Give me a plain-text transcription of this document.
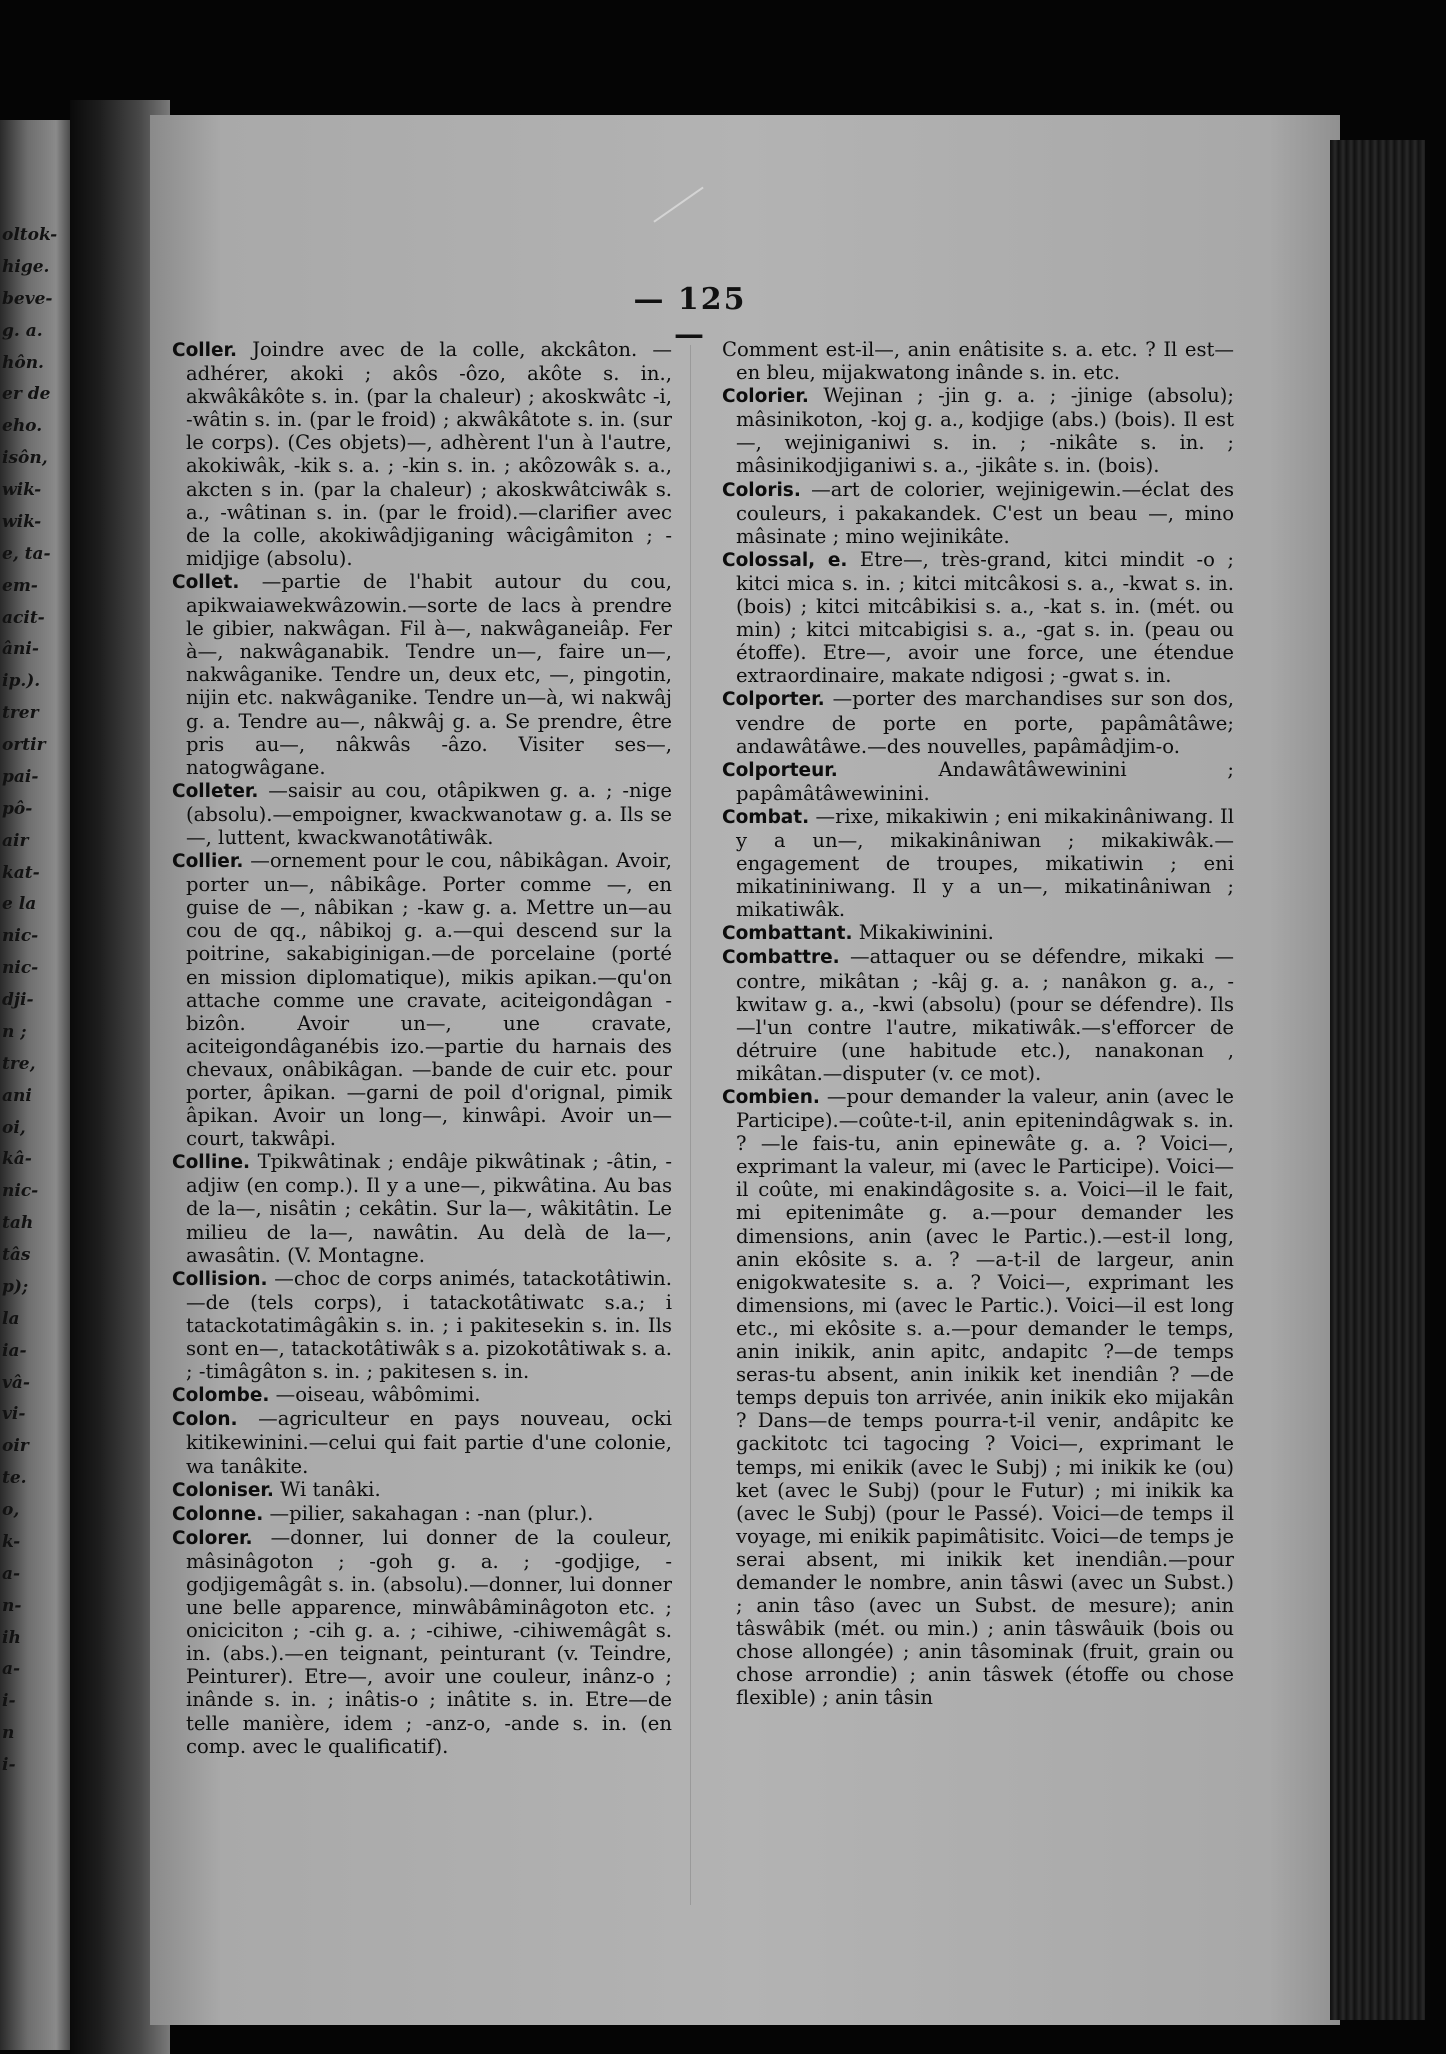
oltok-
hige.
beve-
g. a.
hôn.
er de
eho.
isôn,
wik-
wik-
e, ta-
em-
acit-
âni-
ip.).
trer
ortir
pai-
pô-
air
kat-
e la
nic-
nic-
dji-
n ;
tre,
ani
oi,
kâ-
nic-
tah
tâs
p);
la
ia-
vâ-
vi-
oir
te.
o,
k-
a-
n-
ih
a-
i-
n
i-
— 125 —

Coller. Joindre avec de la colle, akckâton. —adhérer, akoki ; akôs -ôzo, akôte s. in., akwâkâkôte s. in. (par la chaleur) ; akoskwâtc -i, -wâtin s. in. (par le froid) ; akwâkâtote s. in. (sur le corps). (Ces objets)—, adhèrent l'un à l'autre, akokiwâk, -kik s. a. ; -kin s. in. ; akôzowâk s. a., akcten s in. (par la chaleur) ; akoskwâtciwâk s. a., -wâtinan s. in. (par le froid).—clarifier avec de la colle, akokiwâdjiganing wâcigâmiton ; -midjige (absolu).

Collet. —partie de l'habit autour du cou, apikwaiawekwâzowin.—sorte de lacs à prendre le gibier, nakwâgan. Fil à—, nakwâganeiâp. Fer à—, nakwâganabik. Tendre un—, faire un—, nakwâganike. Tendre un, deux etc, —, pingotin, nijin etc. nakwâganike. Tendre un—à, wi nakwâj g. a. Tendre au—, nâkwâj g. a. Se prendre, être pris au—, nâkwâs -âzo. Visiter ses—, natogwâgane.

Colleter. —saisir au cou, otâpikwen g. a. ; -nige (absolu).—empoigner, kwackwanotaw g. a. Ils se—, luttent, kwackwanotâtiwâk.

Collier. —ornement pour le cou, nâbikâgan. Avoir, porter un—, nâbikâge. Porter comme —, en guise de —, nâbikan ; -kaw g. a. Mettre un—au cou de qq., nâbikoj g. a.—qui descend sur la poitrine, sakabiginigan.—de porcelaine (porté en mission diplomatique), mikis apikan.—qu'on attache comme une cravate, aciteigondâgan -bizôn. Avoir un—, une cravate, aciteigondâganébis izo.—partie du harnais des chevaux, onâbikâgan. —bande de cuir etc. pour porter, âpikan. —garni de poil d'orignal, pimik âpikan. Avoir un long—, kinwâpi. Avoir un—court, takwâpi.

Colline. Tpikwâtinak ; endâje pikwâtinak ; -âtin, -adjiw (en comp.). Il y a une—, pikwâtina. Au bas de la—, nisâtin ; cekâtin. Sur la—, wâkitâtin. Le milieu de la—, nawâtin. Au delà de la—, awasâtin. (V. Montagne.

Collision. —choc de corps animés, tatackotâtiwin.—de (tels corps), i tatackotâtiwatc s.a.; i tatackotatimâgâkin s. in. ; i pakitesekin s. in. Ils sont en—, tatackotâtiwâk s a. pizokotâtiwak s. a. ; -timâgâton s. in. ; pakitesen s. in.

Colombe. —oiseau, wâbômimi.

Colon. —agriculteur en pays nouveau, ocki kitikewinini.—celui qui fait partie d'une colonie, wa tanâkite.

Coloniser. Wi tanâki.

Colonne. —pilier, sakahagan : -nan (plur.).

Colorer. —donner, lui donner de la couleur, mâsinâgoton ; -goh g. a. ; -godjige, -godjigemâgât s. in. (absolu).—donner, lui donner une belle apparence, minwâbâminâgoton etc. ; oniciciton ; -cih g. a. ; -cihiwe, -cihiwemâgât s. in. (abs.).—en teignant, peinturant (v. Teindre, Peinturer). Etre—, avoir une couleur, inânz-o ; inânde s. in. ; inâtis-o ; inâtite s. in. Etre—de telle manière, idem ; -anz-o, -ande s. in. (en comp. avec le qualificatif).

Comment est-il—, anin enâtisite s. a. etc. ? Il est—en bleu, mijakwatong inânde s. in. etc.

Colorier. Wejinan ; -jin g. a. ; -jinige (absolu); mâsinikoton, -koj g. a., kodjige (abs.) (bois). Il est—, wejiniganiwi s. in. ; -nikâte s. in. ; mâsinikodjiganiwi s. a., -jikâte s. in. (bois).

Coloris. —art de colorier, wejinigewin.—éclat des couleurs, i pakakandek. C'est un beau —, mino mâsinate ; mino wejinikâte.

Colossal, e. Etre—, très-grand, kitci mindit -o ; kitci mica s. in. ; kitci mitcâkosi s. a., -kwat s. in. (bois) ; kitci mitcâbikisi s. a., -kat s. in. (mét. ou min) ; kitci mitcabigisi s. a., -gat s. in. (peau ou étoffe). Etre—, avoir une force, une étendue extraordinaire, makate ndigosi ; -gwat s. in.

Colporter. —porter des marchandises sur son dos, vendre de porte en porte, papâmâtâwe; andawâtâwe.—des nouvelles, papâmâdjim-o.

Colporteur.	Andawâtâwewinini ; papâmâtâwewinini.

Combat. —rixe, mikakiwin ; eni mikakinâniwang. Il y a un—, mikakinâniwan ; mikakiwâk.—engagement de troupes, mikatiwin ; eni mikatininiwang. Il y a un—, mikatinâniwan ; mikatiwâk.

Combattant. Mikakiwinini.

Combattre. —attaquer ou se défendre, mikaki —contre, mikâtan ; -kâj g. a. ; nanâkon g. a., -kwitaw g. a., -kwi (absolu) (pour se défendre). Ils—l'un contre l'autre, mikatiwâk.—s'efforcer de détruire (une habitude etc.), nanakonan , mikâtan.—disputer (v. ce mot).

Combien. —pour demander la valeur, anin (avec le Participe).—coûte-t-il, anin epitenindâgwak s. in. ? —le fais-tu, anin epinewâte g. a. ? Voici—, exprimant la valeur, mi (avec le Participe). Voici—il coûte, mi enakindâgosite s. a. Voici—il le fait, mi epitenimâte g. a.—pour demander les dimensions, anin (avec le Partic.).—est-il long, anin ekôsite s. a. ? —a-t-il de largeur, anin enigokwatesite s. a. ? Voici—, exprimant les dimensions, mi (avec le Partic.). Voici—il est long etc., mi ekôsite s. a.—pour demander le temps, anin inikik, anin apitc, andapitc ?—de temps seras-tu absent, anin inikik ket inendiân ? —de temps depuis ton arrivée, anin inikik eko mijakân ? Dans—de temps pourra-t-il venir, andâpitc ke gackitotc tci tagocing ? Voici—, exprimant le temps, mi enikik (avec le Subj) ; mi inikik ke (ou) ket (avec le Subj) (pour le Futur) ; mi inikik ka (avec le Subj) (pour le Passé). Voici—de temps il voyage, mi enikik papimâtisitc. Voici—de temps je serai absent, mi inikik ket inendiân.—pour demander le nombre, anin tâswi (avec un Subst.) ; anin tâso (avec un Subst. de mesure); anin tâswâbik (mét. ou min.) ; anin tâswâuik (bois ou chose allongée) ; anin tâsominak (fruit, grain ou chose arrondie) ; anin tâswek (étoffe ou chose flexible) ; anin tâsin
